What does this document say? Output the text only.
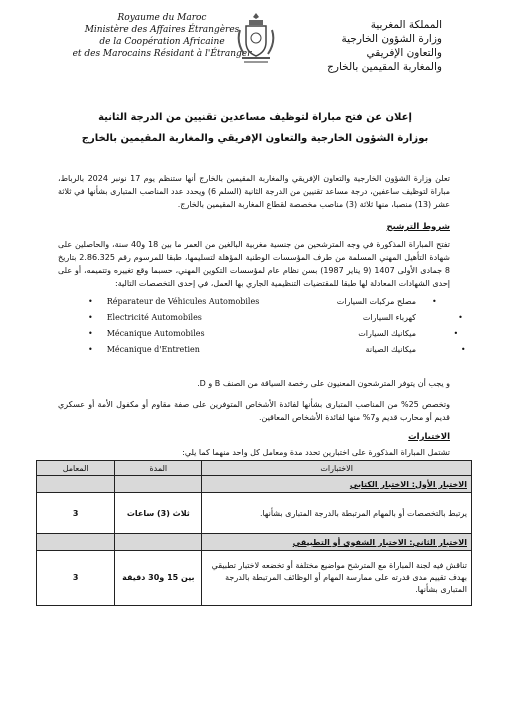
Royaume du Maroc
Ministère des Affaires Étrangères
de la Coopération Africaine
et des Marocains Résidant à l'Étranger
المملكة المغربية
وزارة الشؤون الخارجية
والتعاون الإفريقي
والمغاربة المقيمين بالخارج
إعلان عن فتح مباراة لتوظيف مساعدين تقنيين من الدرجة الثانية
بوزارة الشؤون الخارجية والتعاون الإفريقي والمغاربة المقيمين بالخارج
تعلن وزارة الشؤون الخارجية والتعاون الإفريقي والمغاربة المقيمين بالخارج أنها ستنظم يوم 17 نونبر 2024 بالرباط، مباراة لتوظيف ساعفين، درجة مساعد تقنيين من الدرجة الثانية (السلم 6) ويحدد عدد المناصب المتبارى بشأنها في ثلاثة عشر (13) منصبا، منها ثلاثة (3) مناصب مخصصة لقطاع المغاربة المقيمين بالخارج.
شروط الترشيح
تفتح المباراة المذكورة في وجه المترشحين من جنسية مغربية البالغين من العمر ما بين 18 و40 سنة، والحاصلين على شهادة التأهيل المهني المسلمة من طرف المؤسسات الوطنية المؤهلة لتسليمها، طبقا للمرسوم رقم 2.86.325 بتاريخ 8 جمادى الأولى 1407 (9 يناير 1987) بسن نظام عام لمؤسسات التكوين المهني، حسبما وقع تغييره وتتميمه، أو على إحدى الشهادات المعادلة لها طبقا للمقتضيات التنظيمية الجاري بها العمل، في إحدى التخصصات التالية:
مصلح مركبات السيارات •
كهرباء السيارات •
ميكانيك السيارات •
ميكانيك الصيانة •
• Réparateur de Véhicules Automobiles
• Electricité Automobiles
• Mécanique Automobiles
• Mécanique d'Entretien
و يجب أن يتوفر المترشحون المعنيون على رخصة السياقة من الصنف B و D.
وتخصص 25% من المناصب المتبارى بشأنها لفائدة الأشخاص المتوفرين على صفة مقاوم أو مكفول الأمة أو عسكري قديم أو محارب قديم و7% منها لفائدة الأشخاص المعاقين.
الاختبارات
تشتمل المباراة المذكورة على اختبارين تحدد مدة ومعامل كل واحد منهما كما يلي:
الاختبارات	المدة	المعامل
الاختبار الأول: الاختبار الكتابي		
يرتبط بالتخصصات أو بالمهام المرتبطة بالدرجة المتبارى بشأنها.	ثلاث (3) ساعات	3
الاختبار الثاني: الاختبار الشفوي أو التطبيقي		
تناقش فيه لجنة المباراة مع المترشح مواضيع مختلفة أو تخضعه لاختبار تطبيقي بهدف تقييم مدى قدرته على ممارسة المهام أو الوظائف المرتبطة بالدرجة المتبارى بشأنها.	بين 15 و30 دقيقة	3
